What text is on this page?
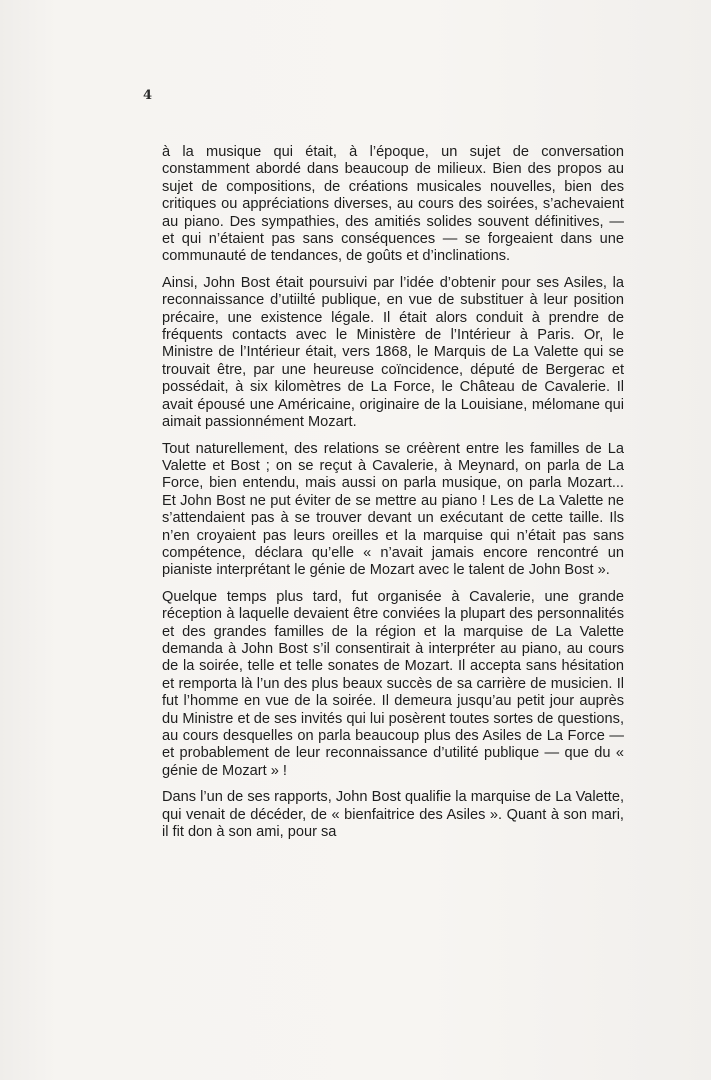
4

à la musique qui était, à l’époque, un sujet de conversation constamment abordé dans beaucoup de milieux. Bien des propos au sujet de compositions, de créations musicales nouvelles, bien des critiques ou appréciations diverses, au cours des soirées, s’achevaient au piano. Des sympathies, des amitiés solides souvent définitives, — et qui n’étaient pas sans conséquences — se forgeaient dans une communauté de tendances, de goûts et d’inclinations.

Ainsi, John Bost était poursuivi par l’idée d’obtenir pour ses Asiles, la reconnaissance d’utiilté publique, en vue de substituer à leur position précaire, une existence légale. Il était alors conduit à prendre de fréquents contacts avec le Ministère de l’Intérieur à Paris. Or, le Ministre de l’Intérieur était, vers 1868, le Marquis de La Valette qui se trouvait être, par une heureuse coïncidence, député de Bergerac et possédait, à six kilomètres de La Force, le Château de Cavalerie. Il avait épousé une Américaine, originaire de la Louisiane, mélomane qui aimait passionnément Mozart.

Tout naturellement, des relations se créèrent entre les familles de La Valette et Bost ; on se reçut à Cavalerie, à Meynard, on parla de La Force, bien entendu, mais aussi on parla musique, on parla Mozart... Et John Bost ne put éviter de se mettre au piano ! Les de La Valette ne s’attendaient pas à se trouver devant un exécutant de cette taille. Ils n’en croyaient pas leurs oreilles et la marquise qui n’était pas sans compétence, déclara qu’elle « n’avait jamais encore rencontré un pianiste interprétant le génie de Mozart avec le talent de John Bost ».

Quelque temps plus tard, fut organisée à Cavalerie, une grande réception à laquelle devaient être conviées la plupart des personnalités et des grandes familles de la région et la marquise de La Valette demanda à John Bost s’il consentirait à interpréter au piano, au cours de la soirée, telle et telle sonates de Mozart. Il accepta sans hésitation et remporta là l’un des plus beaux succès de sa carrière de musicien. Il fut l’homme en vue de la soirée. Il demeura jusqu’au petit jour auprès du Ministre et de ses invités qui lui posèrent toutes sortes de questions, au cours desquelles on parla beaucoup plus des Asiles de La Force — et probablement de leur reconnaissance d’utilité publique — que du « génie de Mozart » !

Dans l’un de ses rapports, John Bost qualifie la marquise de La Valette, qui venait de décéder, de « bienfaitrice des Asiles ». Quant à son mari, il fit don à son ami, pour sa
